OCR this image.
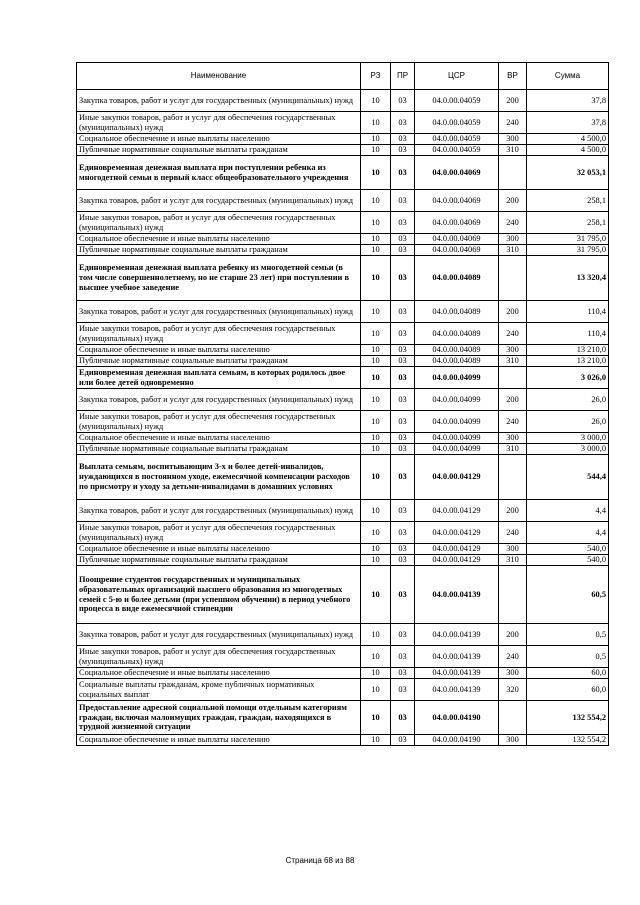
Наименование	РЗ	ПР	ЦСР	ВР	Сумма
Закупка товаров, работ и услуг для государственных (муниципальных) нужд	10	03	04.0.00.04059	200	37,8
Иные закупки товаров, работ и услуг для обеспечения государственных (муниципальных) нужд	10	03	04.0.00.04059	240	37,8
Социальное обеспечение и иные выплаты населению	10	03	04.0.00.04059	300	4 500,0
Публичные нормативные социальные выплаты гражданам	10	03	04.0.00.04059	310	4 500,0
Единовременная денежная выплата при поступлении ребенка из многодетной семьи в первый класс общеобразовательного учреждения	10	03	04.0.00.04069		32 053,1
Закупка товаров, работ и услуг для государственных (муниципальных) нужд	10	03	04.0.00.04069	200	258,1
Иные закупки товаров, работ и услуг для обеспечения государственных (муниципальных) нужд	10	03	04.0.00.04069	240	258,1
Социальное обеспечение и иные выплаты населению	10	03	04.0.00.04069	300	31 795,0
Публичные нормативные социальные выплаты гражданам	10	03	04.0.00.04069	310	31 795,0
Единовременная денежная выплата ребенку из многодетной семьи (в том числе совершеннолетнему, но не старше 23 лет) при поступлении в высшее учебное заведение	10	03	04.0.00.04089		13 320,4
Закупка товаров, работ и услуг для государственных (муниципальных) нужд	10	03	04.0.00.04089	200	110,4
Иные закупки товаров, работ и услуг для обеспечения государственных (муниципальных) нужд	10	03	04.0.00.04089	240	110,4
Социальное обеспечение и иные выплаты населению	10	03	04.0.00.04089	300	13 210,0
Публичные нормативные социальные выплаты гражданам	10	03	04.0.00.04089	310	13 210,0
Единовременная денежная выплата семьям, в которых родилось двое или более детей одновременно	10	03	04.0.00.04099		3 026,0
Закупка товаров, работ и услуг для государственных (муниципальных) нужд	10	03	04.0.00.04099	200	26,0
Иные закупки товаров, работ и услуг для обеспечения государственных (муниципальных) нужд	10	03	04.0.00.04099	240	26,0
Социальное обеспечение и иные выплаты населению	10	03	04.0.00.04099	300	3 000,0
Публичные нормативные социальные выплаты гражданам	10	03	04.0.00.04099	310	3 000,0
Выплата семьям, воспитывающим 3-х и более детей-инвалидов, нуждающихся в постоянном уходе, ежемесячной компенсации расходов по присмотру и уходу за детьми-инвалидами в домашних условиях	10	03	04.0.00.04129		544,4
Закупка товаров, работ и услуг для государственных (муниципальных) нужд	10	03	04.0.00.04129	200	4,4
Иные закупки товаров, работ и услуг для обеспечения государственных (муниципальных) нужд	10	03	04.0.00.04129	240	4,4
Социальное обеспечение и иные выплаты населению	10	03	04.0.00.04129	300	540,0
Публичные нормативные социальные выплаты гражданам	10	03	04.0.00.04129	310	540,0
Поощрение студентов государственных и муниципальных образовательных организаций высшего образования из многодетных семей с 5-ю и более детьми (при успешном обучении) в период учебного процесса в виде ежемесячной стипендии	10	03	04.0.00.04139		60,5
Закупка товаров, работ и услуг для государственных (муниципальных) нужд	10	03	04.0.00.04139	200	0,5
Иные закупки товаров, работ и услуг для обеспечения государственных (муниципальных) нужд	10	03	04.0.00.04139	240	0,5
Социальное обеспечение и иные выплаты населению	10	03	04.0.00.04139	300	60,0
Социальные выплаты гражданам, кроме публичных нормативных социальных выплат	10	03	04.0.00.04139	320	60,0
Предоставление адресной социальной помощи отдельным категориям граждан, включая малоимущих граждан, граждан, находящихся в трудной жизненной ситуации	10	03	04.0.00.04190		132 554,2
Социальное обеспечение и иные выплаты населению	10	03	04.0.00.04190	300	132 554,2
Страница 68 из 88
